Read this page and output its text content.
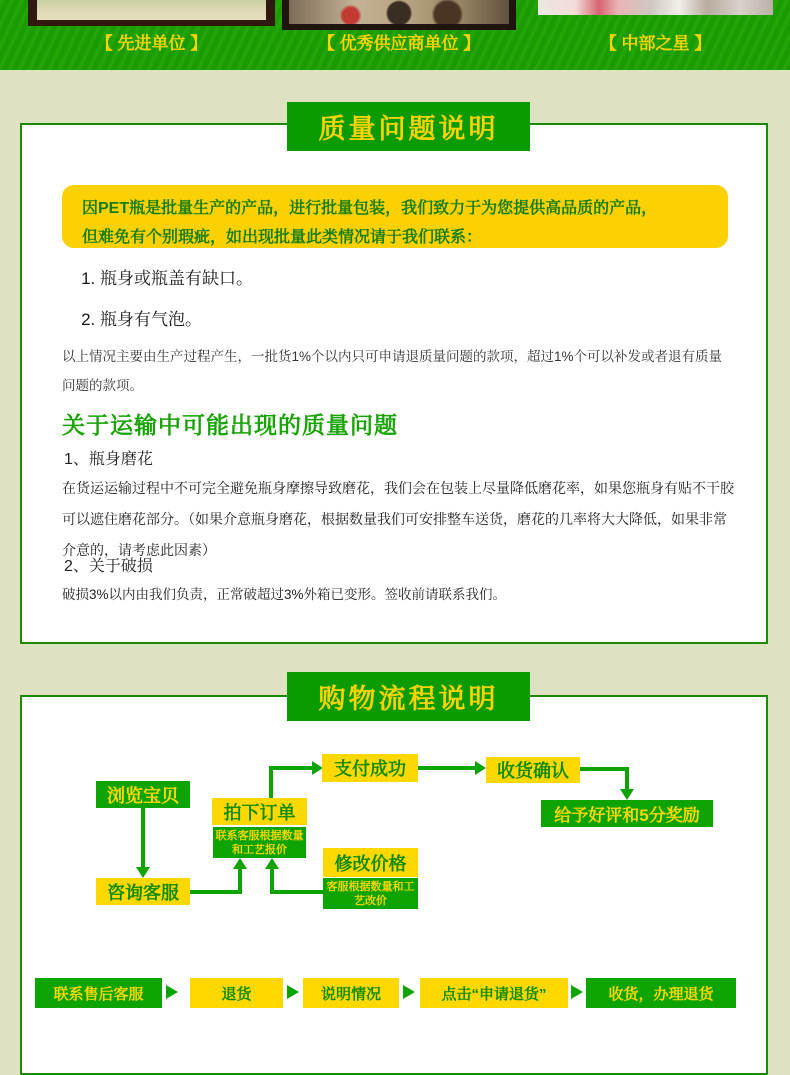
【 先进单位 】	【 优秀供应商单位 】	【 中部之星 】
质量问题说明
因PET瓶是批量生产的产品，进行批量包装，我们致力于为您提供高品质的产品，
但难免有个别瑕疵，如出现批量此类情况请于我们联系：
1. 瓶身或瓶盖有缺口。
2. 瓶身有气泡。

以上情况主要由生产过程产生，一批货1%个以内只可申请退质量问题的款项，超过1%个可以补发或者退有质量问题的款项。

关于运输中可能出现的质量问题
1、瓶身磨花

在货运运输过程中不可完全避免瓶身摩擦导致磨花，我们会在包装上尽量降低磨花率，如果您瓶身有贴不干胶可以遮住磨花部分。（如果介意瓶身磨花，根据数量我们可安排整车送货，磨花的几率将大大降低，如果非常介意的，请考虑此因素）

2、关于破损

破损3%以内由我们负责，正常破超过3%外箱已变形。签收前请联系我们。

购物流程说明
浏览宝贝
咨询客服
拍下订单
联系客服根据数量和工艺报价
支付成功
修改价格
客服根据数量和工艺改价
收货确认
给予好评和5分奖励
联系售后客服	退货	说明情况	点击“申请退货”	收货，办理退货
